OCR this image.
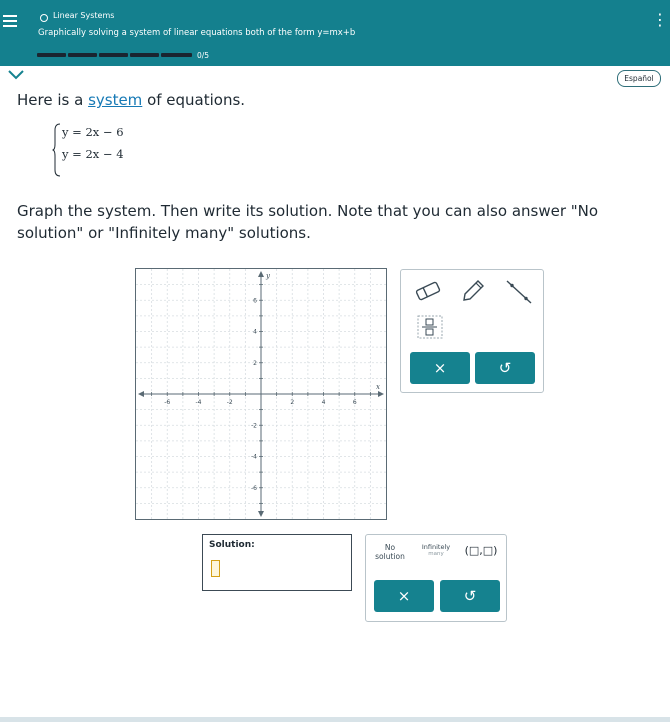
Linear Systems
Graphically solving a system of linear equations both of the form y=mx+b
⋮
0/5
Español
Here is a system of equations.
y = 2x − 6
y = 2x − 4
Graph the system. Then write its solution. Note that you can also answer "No solution" or "Infinitely many" solutions.
-6	-4	-2	2	4	6
6
4
2
-2
-4
-6
x
y
×	↺
Solution:	No
solution
Infinitely
many	(□,□)
×	↺
